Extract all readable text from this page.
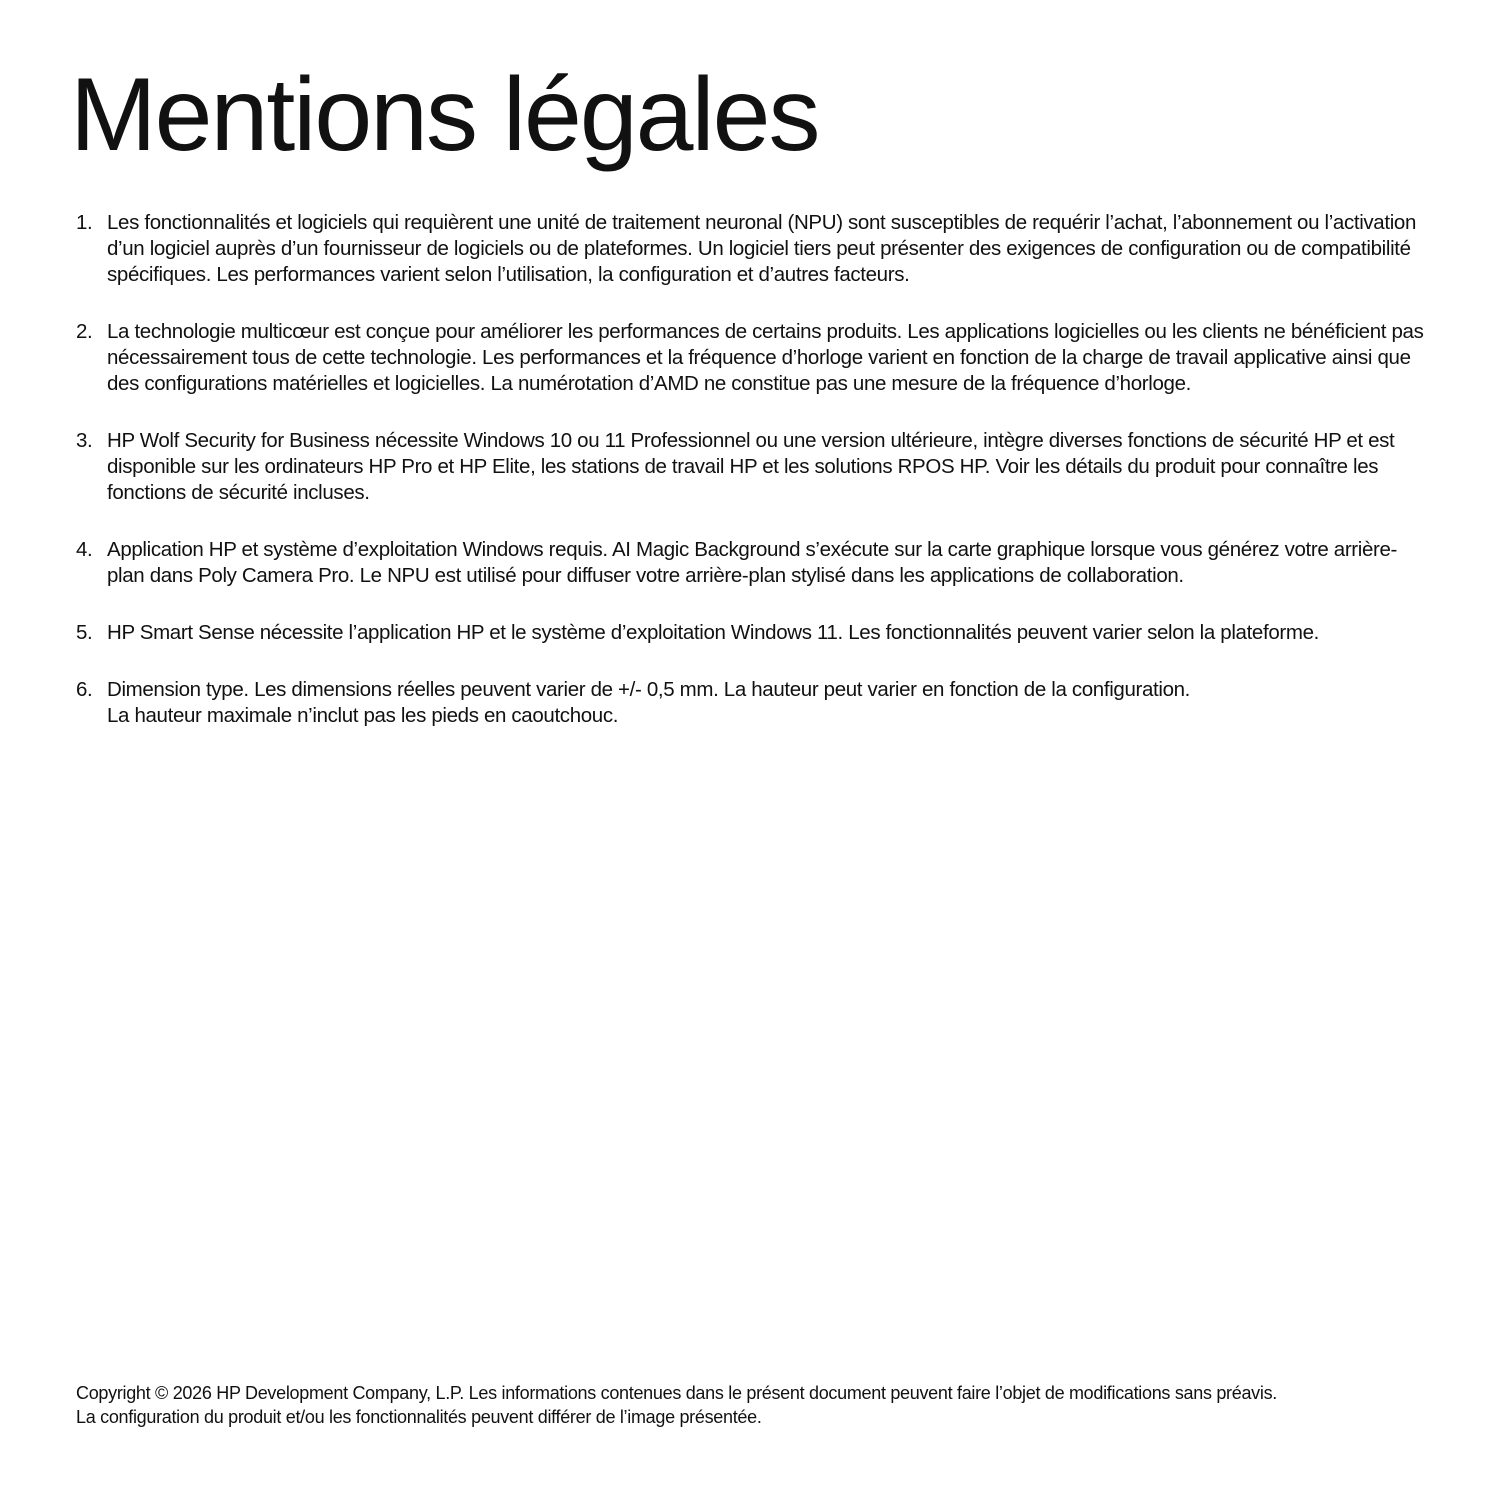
Mentions légales
1. Les fonctionnalités et logiciels qui requièrent une unité de traitement neuronal (NPU) sont susceptibles de requérir l’achat, l’abonnement ou l’activation d’un logiciel auprès d’un fournisseur de logiciels ou de plateformes. Un logiciel tiers peut présenter des exigences de configuration ou de compatibilité spécifiques. Les performances varient selon l’utilisation, la configuration et d’autres facteurs.

2. La technologie multicœur est conçue pour améliorer les performances de certains produits. Les applications logicielles ou les clients ne bénéficient pas nécessairement tous de cette technologie. Les performances et la fréquence d’horloge varient en fonction de la charge de travail applicative ainsi que des configurations matérielles et logicielles. La numérotation d’AMD ne constitue pas une mesure de la fréquence d’horloge.

3. HP Wolf Security for Business nécessite Windows 10 ou 11 Professionnel ou une version ultérieure, intègre diverses fonctions de sécurité HP et est disponible sur les ordinateurs HP Pro et HP Elite, les stations de travail HP et les solutions RPOS HP. Voir les détails du produit pour connaître les fonctions de sécurité incluses.

4. Application HP et système d’exploitation Windows requis. AI Magic Background s’exécute sur la carte graphique lorsque vous générez votre arrière-plan dans Poly Camera Pro. Le NPU est utilisé pour diffuser votre arrière-plan stylisé dans les applications de collaboration.

5. HP Smart Sense nécessite l’application HP et le système d’exploitation Windows 11. Les fonctionnalités peuvent varier selon la plateforme.

6. Dimension type. Les dimensions réelles peuvent varier de +/- 0,5 mm. La hauteur peut varier en fonction de la configuration.
La hauteur maximale n’inclut pas les pieds en caoutchouc.

Copyright © 2026 HP Development Company, L.P. Les informations contenues dans le présent document peuvent faire l’objet de modifications sans préavis.
La configuration du produit et/ou les fonctionnalités peuvent différer de l’image présentée.
